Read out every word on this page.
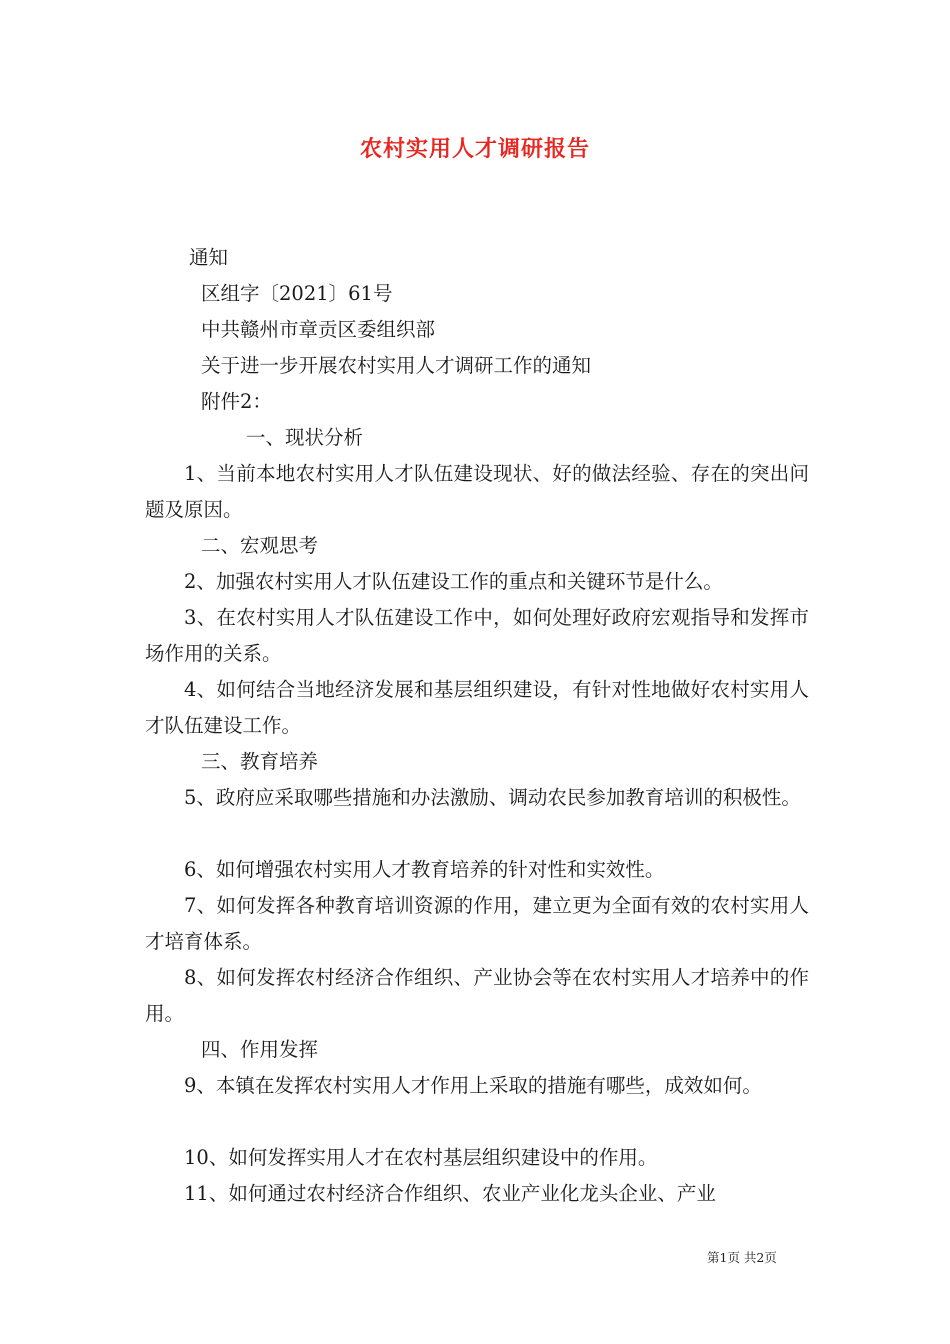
农村实用人才调研报告
通知
区组字〔2021〕61号
中共赣州市章贡区委组织部
关于进一步开展农村实用人才调研工作的通知
附件2：
一、现状分析
1、当前本地农村实用人才队伍建设现状、好的做法经验、存在的突出问题及原因。
二、宏观思考
2、加强农村实用人才队伍建设工作的重点和关键环节是什么。
3、在农村实用人才队伍建设工作中，如何处理好政府宏观指导和发挥市场作用的关系。
4、如何结合当地经济发展和基层组织建设，有针对性地做好农村实用人才队伍建设工作。
三、教育培养
5、政府应采取哪些措施和办法激励、调动农民参加教育培训的积极性。
6、如何增强农村实用人才教育培养的针对性和实效性。
7、如何发挥各种教育培训资源的作用，建立更为全面有效的农村实用人才培育体系。
8、如何发挥农村经济合作组织、产业协会等在农村实用人才培养中的作用。
四、作用发挥
9、本镇在发挥农村实用人才作用上采取的措施有哪些，成效如何。
10、如何发挥实用人才在农村基层组织建设中的作用。
11、如何通过农村经济合作组织、农业产业化龙头企业、产业
第1页 共2页
